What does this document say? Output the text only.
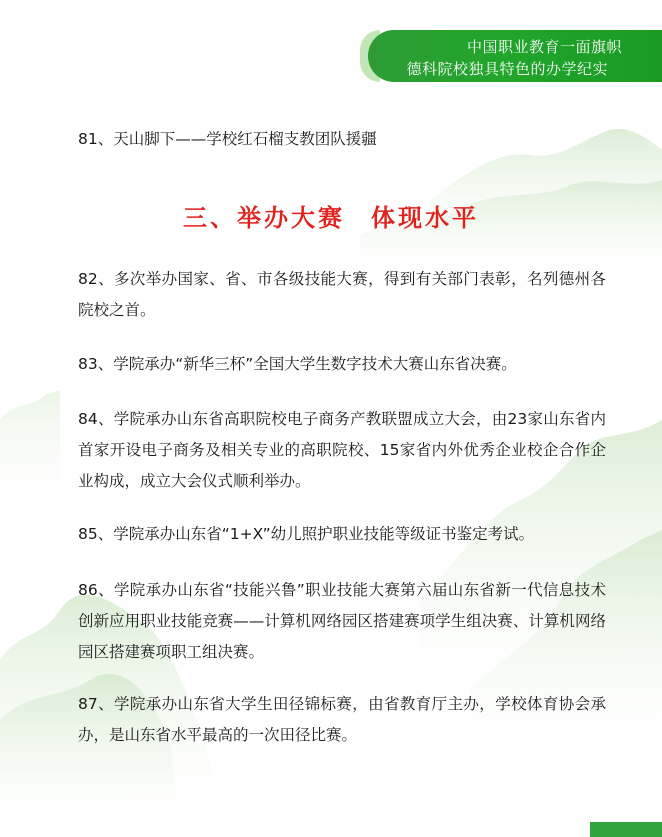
中国职业教育一面旗帜
德科院校独具特色的办学纪实
81、天山脚下——学校红石榴支教团队援疆
三、举办大赛 体现水平
82、多次举办国家、省、市各级技能大赛，得到有关部门表彰，名列德州各院校之首。
83、学院承办“新华三杯”全国大学生数字技术大赛山东省决赛。
84、学院承办山东省高职院校电子商务产教联盟成立大会，由23家山东省内首家开设电子商务及相关专业的高职院校、15家省内外优秀企业校企合作企业构成，成立大会仪式顺利举办。
85、学院承办山东省“1+X”幼儿照护职业技能等级证书鉴定考试。
86、学院承办山东省“技能兴鲁”职业技能大赛第六届山东省新一代信息技术创新应用职业技能竞赛——计算机网络园区搭建赛项学生组决赛、计算机网络园区搭建赛项职工组决赛。
87、学院承办山东省大学生田径锦标赛，由省教育厅主办，学校体育协会承办，是山东省水平最高的一次田径比赛。
